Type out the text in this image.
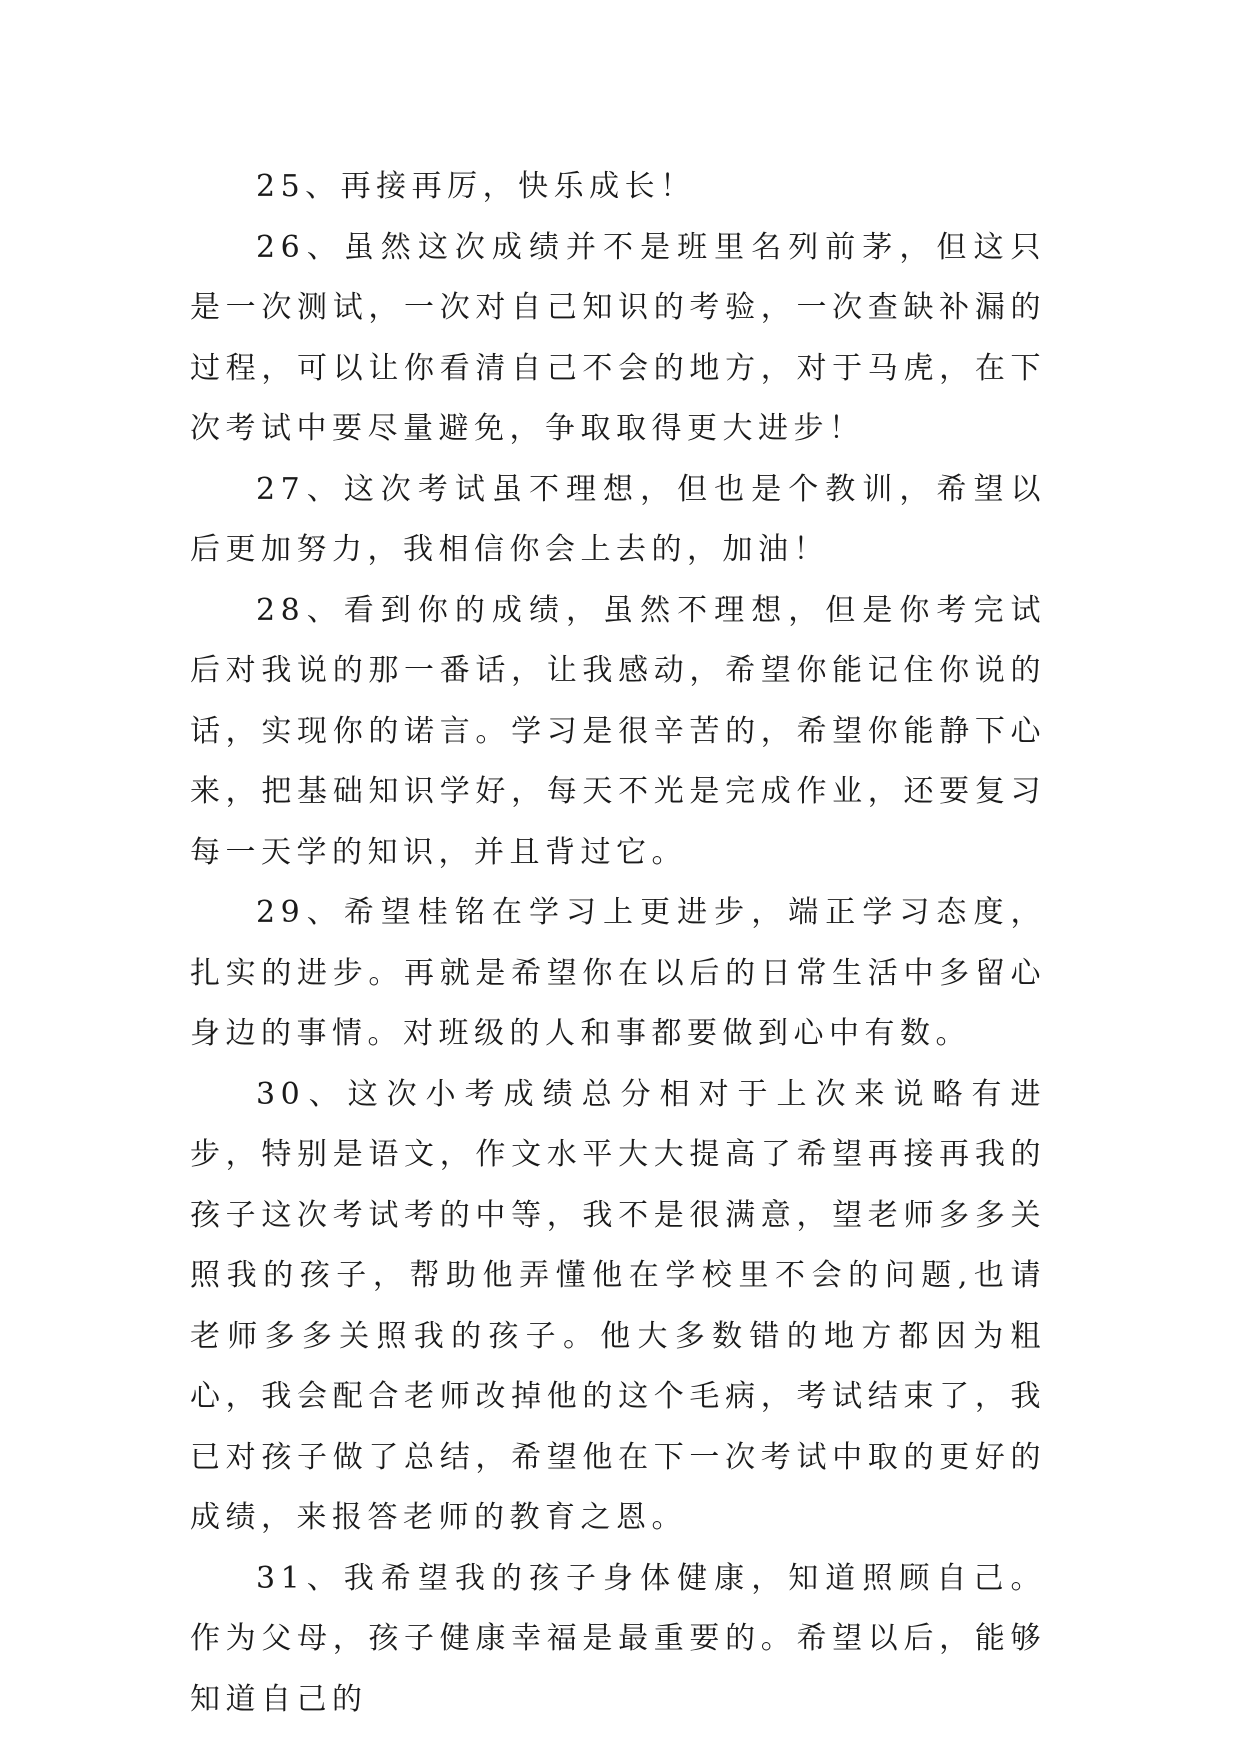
25、再接再厉，快乐成长！

26、虽然这次成绩并不是班里名列前茅，但这只是一次测试，一次对自己知识的考验，一次查缺补漏的过程，可以让你看清自己不会的地方，对于马虎，在下次考试中要尽量避免，争取取得更大进步！

27、这次考试虽不理想，但也是个教训，希望以后更加努力，我相信你会上去的，加油！

28、看到你的成绩，虽然不理想，但是你考完试后对我说的那一番话，让我感动，希望你能记住你说的话，实现你的诺言。学习是很辛苦的，希望你能静下心来，把基础知识学好，每天不光是完成作业，还要复习每一天学的知识，并且背过它。

29、希望桂铭在学习上更进步，端正学习态度，扎实的进步。再就是希望你在以后的日常生活中多留心身边的事情。对班级的人和事都要做到心中有数。

30、这次小考成绩总分相对于上次来说略有进步，特别是语文，作文水平大大提高了希望再接再我的孩子这次考试考的中等，我不是很满意，望老师多多关照我的孩子，帮助他弄懂他在学校里不会的问题,也请老师多多关照我的孩子。他大多数错的地方都因为粗心，我会配合老师改掉他的这个毛病，考试结束了，我已对孩子做了总结，希望他在下一次考试中取的更好的成绩，来报答老师的教育之恩。

31、我希望我的孩子身体健康，知道照顾自己。作为父母，孩子健康幸福是最重要的。希望以后，能够知道自己的
